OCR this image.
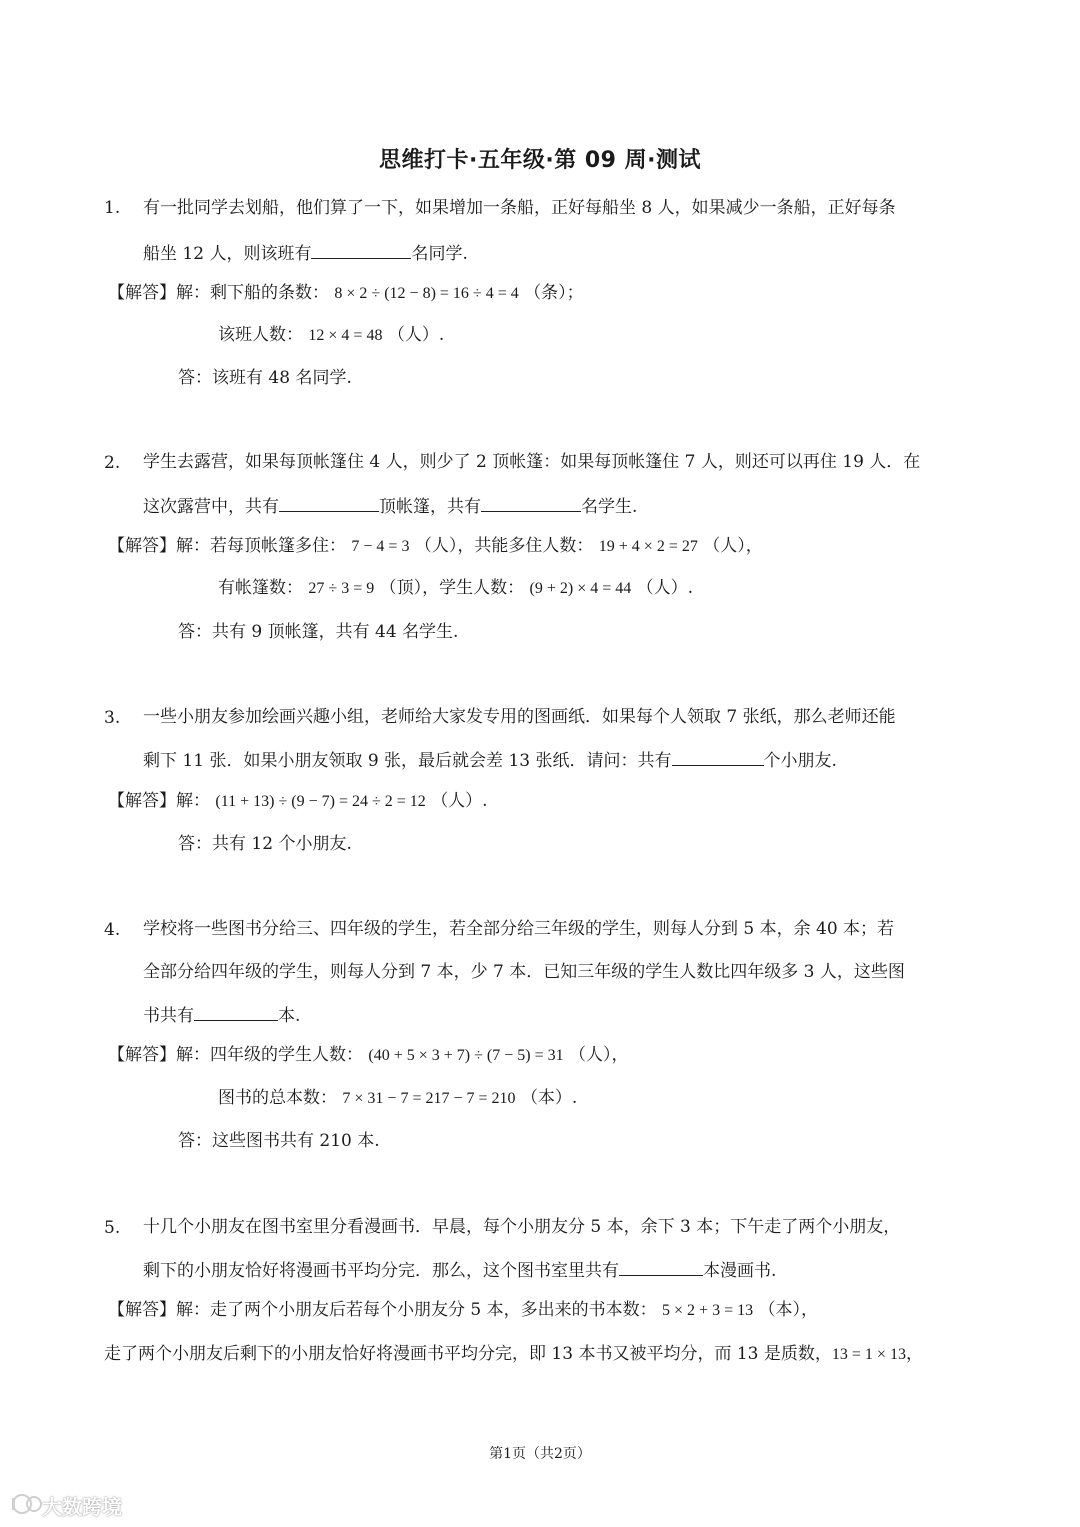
思维打卡·五年级·第 09 周·测试
1. 有一批同学去划船，他们算了一下，如果增加一条船，正好每船坐 8 人，如果减少一条船，正好每条
船坐 12 人，则该班有	名同学.
【解答】解：剩下船的条数： 8 × 2 ÷ (12 − 8) = 16 ÷ 4 = 4 （条）；
该班人数： 12 × 4 = 48 （人）.
答：该班有 48 名同学.
2. 学生去露营，如果每顶帐篷住 4 人，则少了 2 顶帐篷：如果每顶帐篷住 7 人，则还可以再住 19 人．在
这次露营中，共有	顶帐篷，共有	名学生.
【解答】解：若每顶帐篷多住： 7 − 4 = 3 （人），共能多住人数： 19 + 4 × 2 = 27 （人），
有帐篷数： 27 ÷ 3 = 9 （顶），学生人数： (9 + 2) × 4 = 44 （人）.
答：共有 9 顶帐篷，共有 44 名学生.
3. 一些小朋友参加绘画兴趣小组，老师给大家发专用的图画纸．如果每个人领取 7 张纸，那么老师还能
剩下 11 张．如果小朋友领取 9 张，最后就会差 13 张纸．请问：共有	个小朋友.
【解答】解： (11 + 13) ÷ (9 − 7) = 24 ÷ 2 = 12 （人）.
答：共有 12 个小朋友.
4. 学校将一些图书分给三、四年级的学生，若全部分给三年级的学生，则每人分到 5 本，余 40 本；若
全部分给四年级的学生，则每人分到 7 本，少 7 本．已知三年级的学生人数比四年级多 3 人，这些图
书共有	本.
【解答】解：四年级的学生人数： (40 + 5 × 3 + 7) ÷ (7 − 5) = 31 （人），
图书的总本数： 7 × 31 − 7 = 217 − 7 = 210 （本）.
答：这些图书共有 210 本.
5. 十几个小朋友在图书室里分看漫画书．早晨，每个小朋友分 5 本，余下 3 本；下午走了两个小朋友，
剩下的小朋友恰好将漫画书平均分完．那么，这个图书室里共有	本漫画书.
【解答】解：走了两个小朋友后若每个小朋友分 5 本，多出来的书本数： 5 × 2 + 3 = 13 （本），
走了两个小朋友后剩下的小朋友恰好将漫画书平均分完，即 13 本书又被平均分，而 13 是质数，13 = 1 × 13，
第1页（共2页）
大数跨境
